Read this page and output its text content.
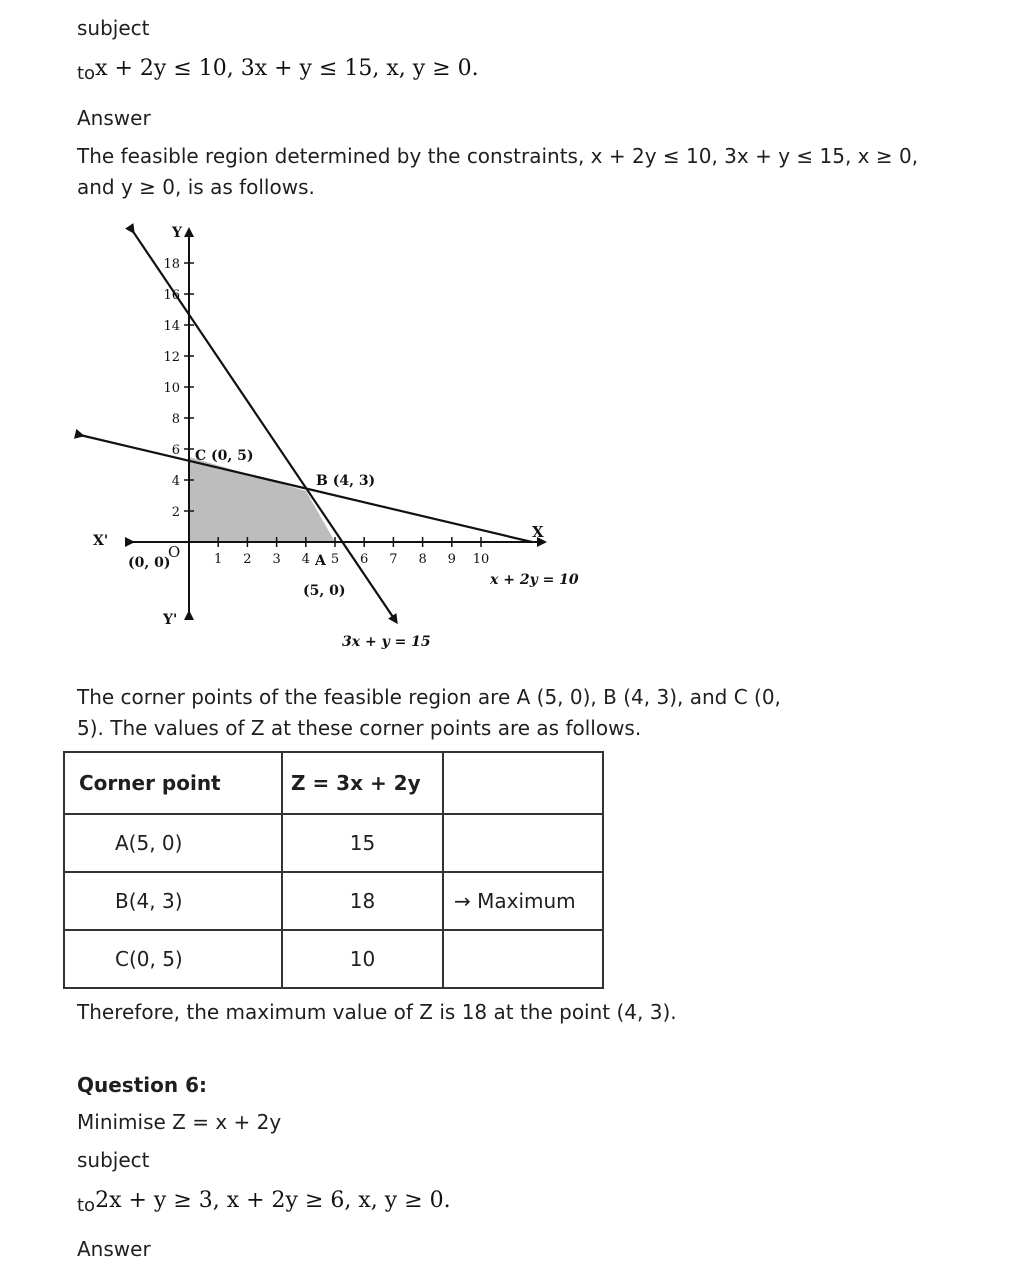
subject
tox + 2y ≤ 10, 3x + y ≤ 15, x, y ≥ 0.
Answer
The feasible region determined by the constraints, x + 2y ≤ 10, 3x + y ≤ 15, x ≥ 0,
and y ≥ 0, is as follows.
18
16
14
12
10
8
6
4
2
1 2 3 4 5 6 7 8 9 10
Y
Y'
X
X'
O
(0, 0)
C (0, 5)
B (4, 3)
A
(5, 0)
x + 2y = 10
3x + y = 15
The corner points of the feasible region are A (5, 0), B (4, 3), and C (0,
5). The values of Z at these corner points are as follows.
Corner point	Z = 3x + 2y	
A(5, 0)	15	
B(4, 3)	18	→ Maximum
C(0, 5)	10	
Therefore, the maximum value of Z is 18 at the point (4, 3).
Question 6:
Minimise Z = x + 2y
subject
to2x + y ≥ 3, x + 2y ≥ 6, x, y ≥ 0.
Answer
